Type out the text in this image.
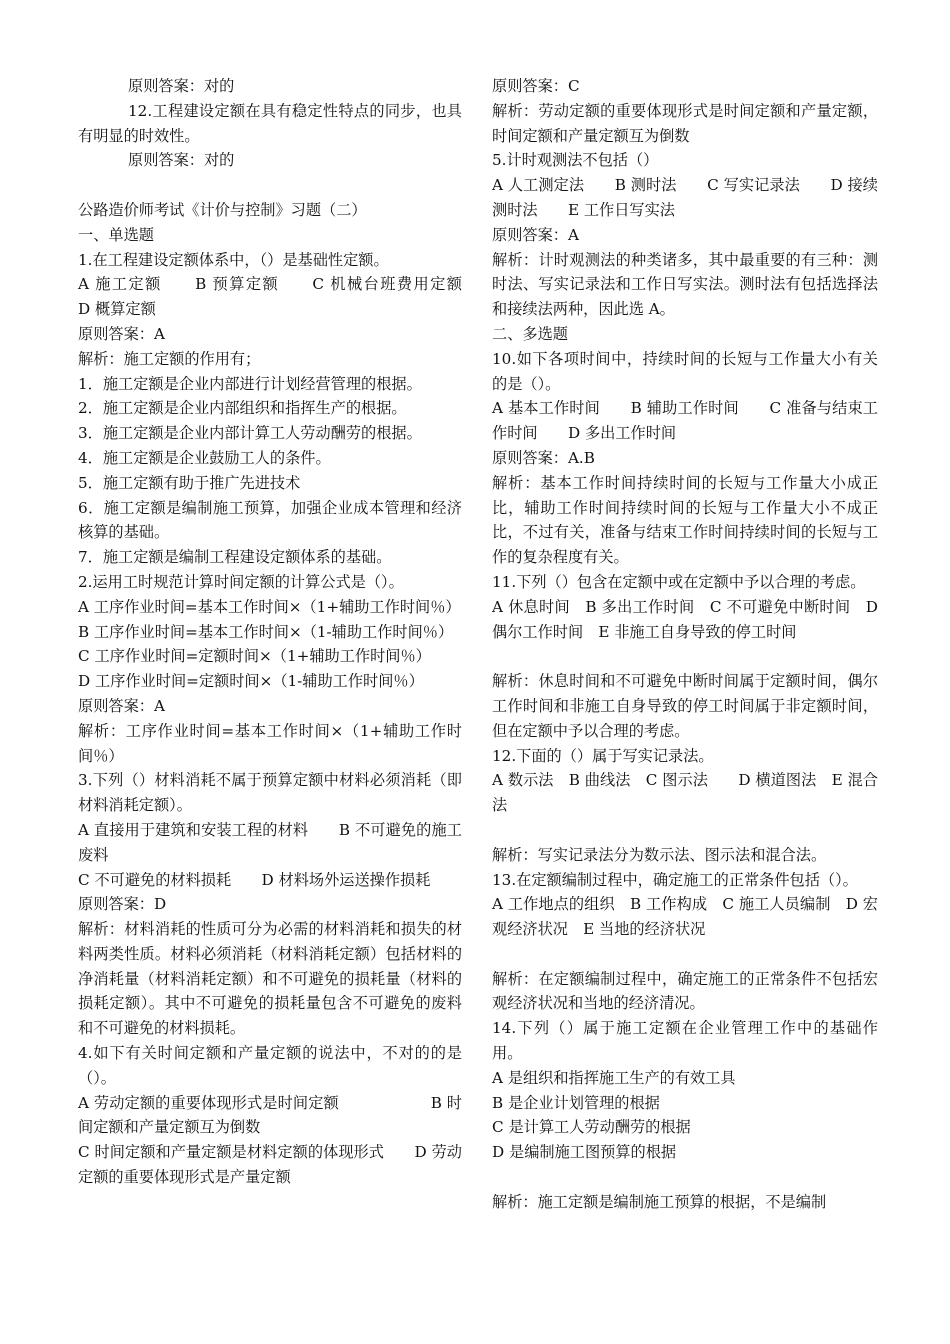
原则答案：对的

12.工程建设定额在具有稳定性特点的同步，也具有明显的时效性。

原则答案：对的

公路造价师考试《计价与控制》习题（二）

一、单选题

1.在工程建设定额体系中，（）是基础性定额。

A 施工定额　　B 预算定额　　C 机械台班费用定额　　D 概算定额

原则答案：A

解析：施工定额的作用有；

1．施工定额是企业内部进行计划经营管理的根据。

2．施工定额是企业内部组织和指挥生产的根据。

3．施工定额是企业内部计算工人劳动酬劳的根据。

4．施工定额是企业鼓励工人的条件。

5．施工定额有助于推广先进技术

6．施工定额是编制施工预算，加强企业成本管理和经济核算的基础。

7．施工定额是编制工程建设定额体系的基础。

2.运用工时规范计算时间定额的计算公式是（）。

A 工序作业时间=基本工作时间×（1+辅助工作时间％）

B 工序作业时间=基本工作时间×（1-辅助工作时间％）

C 工序作业时间=定额时间×（1+辅助工作时间％）

D 工序作业时间=定额时间×（1-辅助工作时间％）

原则答案：A

解析：工序作业时间=基本工作时间×（1+辅助工作时间％）

3.下列（）材料消耗不属于预算定额中材料必须消耗（即材料消耗定额）。

A 直接用于建筑和安装工程的材料　　B 不可避免的施工废料

C 不可避免的材料损耗　　D 材料场外运送操作损耗

原则答案：D

解析：材料消耗的性质可分为必需的材料消耗和损失的材料两类性质。材料必须消耗（材料消耗定额）包括材料的净消耗量（材料消耗定额）和不可避免的损耗量（材料的损耗定额）。其中不可避免的损耗量包含不可避免的废料和不可避免的材料损耗。

4.如下有关时间定额和产量定额的说法中，不对的的是（）。

A 劳动定额的重要体现形式是时间定额　　　　　　B 时间定额和产量定额互为倒数

C 时间定额和产量定额是材料定额的体现形式　　D 劳动定额的重要体现形式是产量定额

原则答案：C

解析：劳动定额的重要体现形式是时间定额和产量定额，时间定额和产量定额互为倒数

5.计时观测法不包括（）

A 人工测定法　　B 测时法　　C 写实记录法　　D 接续测时法　　E 工作日写实法

原则答案：A

解析：计时观测法的种类诸多，其中最重要的有三种：测时法、写实记录法和工作日写实法。测时法有包括选择法和接续法两种，因此选 A。

二、多选题

10.如下各项时间中，持续时间的长短与工作量大小有关的是（）。

A 基本工作时间　　B 辅助工作时间　　C 准备与结束工作时间　　D 多出工作时间

原则答案：A.B

解析：基本工作时间持续时间的长短与工作量大小成正比，辅助工作时间持续时间的长短与工作量大小不成正比，不过有关，准备与结束工作时间持续时间的长短与工作的复杂程度有关。

11.下列（）包含在定额中或在定额中予以合理的考虑。

A 休息时间　B 多出工作时间　C 不可避免中断时间　D 偶尔工作时间　E 非施工自身导致的停工时间

解析：休息时间和不可避免中断时间属于定额时间，偶尔工作时间和非施工自身导致的停工时间属于非定额时间，但在定额中予以合理的考虑。

12.下面的（）属于写实记录法。

A 数示法　B 曲线法　C 图示法　　D 横道图法　E 混合法

解析：写实记录法分为数示法、图示法和混合法。

13.在定额编制过程中，确定施工的正常条件包括（）。

A 工作地点的组织　B 工作构成　C 施工人员编制　D 宏观经济状况　E 当地的经济状况

解析：在定额编制过程中，确定施工的正常条件不包括宏观经济状况和当地的经济清况。

14.下列（）属于施工定额在企业管理工作中的基础作用。

A 是组织和指挥施工生产的有效工具

B 是企业计划管理的根据

C 是计算工人劳动酬劳的根据

D 是编制施工图预算的根据

解析：施工定额是编制施工预算的根据，不是编制
